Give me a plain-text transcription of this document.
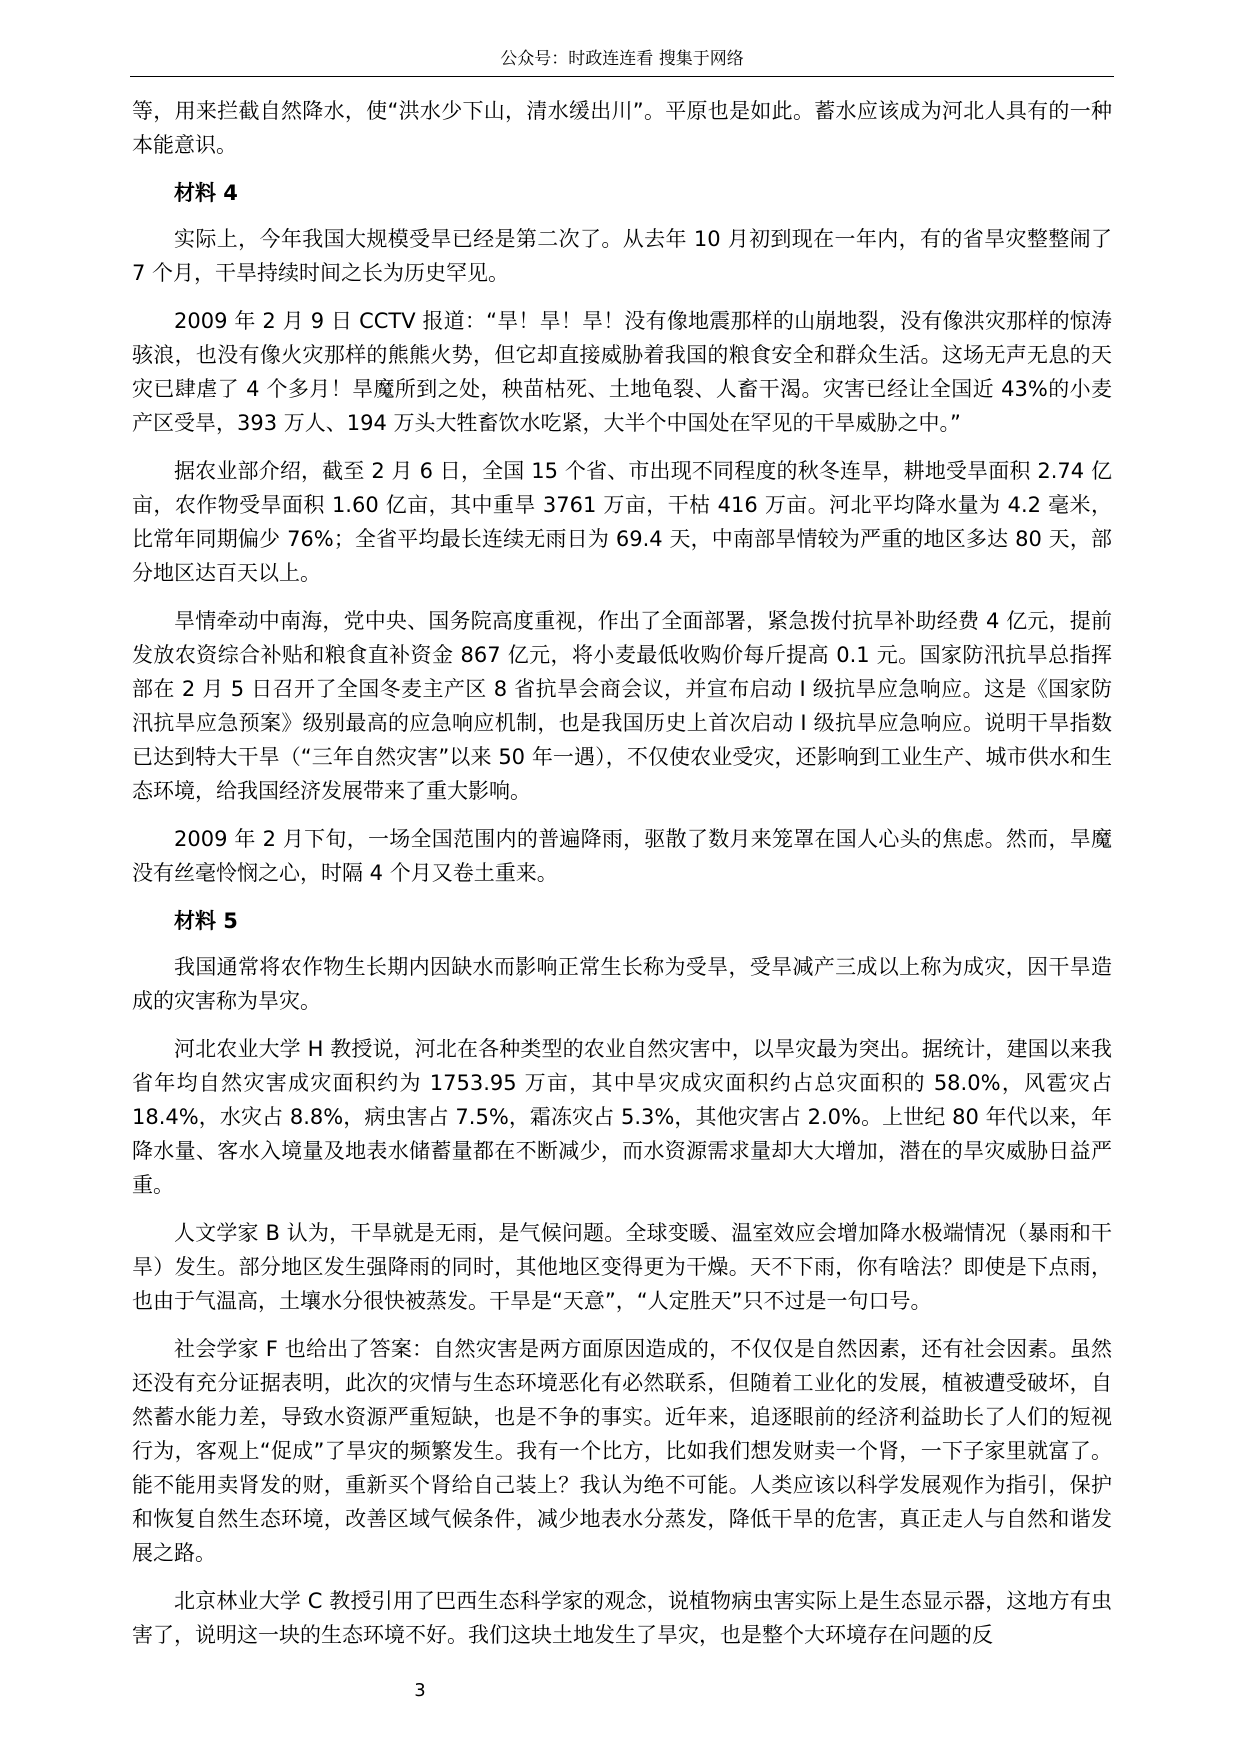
公众号：时政连连看 搜集于网络

等，用来拦截自然降水，使“洪水少下山，清水缓出川”。平原也是如此。蓄水应该成为河北人具有的一种本能意识。

材料 4

实际上，今年我国大规模受旱已经是第二次了。从去年 10 月初到现在一年内，有的省旱灾整整闹了 7 个月，干旱持续时间之长为历史罕见。

2009 年 2 月 9 日 CCTV 报道：“旱！旱！旱！没有像地震那样的山崩地裂，没有像洪灾那样的惊涛骇浪，也没有像火灾那样的熊熊火势，但它却直接威胁着我国的粮食安全和群众生活。这场无声无息的天灾已肆虐了 4 个多月！旱魔所到之处，秧苗枯死、土地龟裂、人畜干渴。灾害已经让全国近 43%的小麦产区受旱，393 万人、194 万头大牲畜饮水吃紧，大半个中国处在罕见的干旱威胁之中。”

据农业部介绍，截至 2 月 6 日，全国 15 个省、市出现不同程度的秋冬连旱，耕地受旱面积 2.74 亿亩，农作物受旱面积 1.60 亿亩，其中重旱 3761 万亩，干枯 416 万亩。河北平均降水量为 4.2 毫米，比常年同期偏少 76%；全省平均最长连续无雨日为 69.4 天，中南部旱情较为严重的地区多达 80 天，部分地区达百天以上。

旱情牵动中南海，党中央、国务院高度重视，作出了全面部署，紧急拨付抗旱补助经费 4 亿元，提前发放农资综合补贴和粮食直补资金 867 亿元，将小麦最低收购价每斤提高 0.1 元。国家防汛抗旱总指挥部在 2 月 5 日召开了全国冬麦主产区 8 省抗旱会商会议，并宣布启动 I 级抗旱应急响应。这是《国家防汛抗旱应急预案》级别最高的应急响应机制，也是我国历史上首次启动 I 级抗旱应急响应。说明干旱指数已达到特大干旱（“三年自然灾害”以来 50 年一遇），不仅使农业受灾，还影响到工业生产、城市供水和生态环境，给我国经济发展带来了重大影响。

2009 年 2 月下旬，一场全国范围内的普遍降雨，驱散了数月来笼罩在国人心头的焦虑。然而，旱魔没有丝毫怜悯之心，时隔 4 个月又卷土重来。

材料 5

我国通常将农作物生长期内因缺水而影响正常生长称为受旱，受旱减产三成以上称为成灾，因干旱造成的灾害称为旱灾。

河北农业大学 H 教授说，河北在各种类型的农业自然灾害中，以旱灾最为突出。据统计，建国以来我省年均自然灾害成灾面积约为 1753.95 万亩，其中旱灾成灾面积约占总灾面积的 58.0%，风雹灾占 18.4%，水灾占 8.8%，病虫害占 7.5%，霜冻灾占 5.3%，其他灾害占 2.0%。上世纪 80 年代以来，年降水量、客水入境量及地表水储蓄量都在不断减少，而水资源需求量却大大增加，潜在的旱灾威胁日益严重。

人文学家 B 认为，干旱就是无雨，是气候问题。全球变暖、温室效应会增加降水极端情况（暴雨和干旱）发生。部分地区发生强降雨的同时，其他地区变得更为干燥。天不下雨，你有啥法？即使是下点雨，也由于气温高，土壤水分很快被蒸发。干旱是“天意”，“人定胜天”只不过是一句口号。

社会学家 F 也给出了答案：自然灾害是两方面原因造成的，不仅仅是自然因素，还有社会因素。虽然还没有充分证据表明，此次的灾情与生态环境恶化有必然联系，但随着工业化的发展，植被遭受破坏，自然蓄水能力差，导致水资源严重短缺，也是不争的事实。近年来，追逐眼前的经济利益助长了人们的短视行为，客观上“促成”了旱灾的频繁发生。我有一个比方，比如我们想发财卖一个肾，一下子家里就富了。能不能用卖肾发的财，重新买个肾给自己装上？我认为绝不可能。人类应该以科学发展观作为指引，保护和恢复自然生态环境，改善区域气候条件，减少地表水分蒸发，降低干旱的危害，真正走人与自然和谐发展之路。

北京林业大学 C 教授引用了巴西生态科学家的观念，说植物病虫害实际上是生态显示器，这地方有虫害了，说明这一块的生态环境不好。我们这块土地发生了旱灾，也是整个大环境存在问题的反

3
